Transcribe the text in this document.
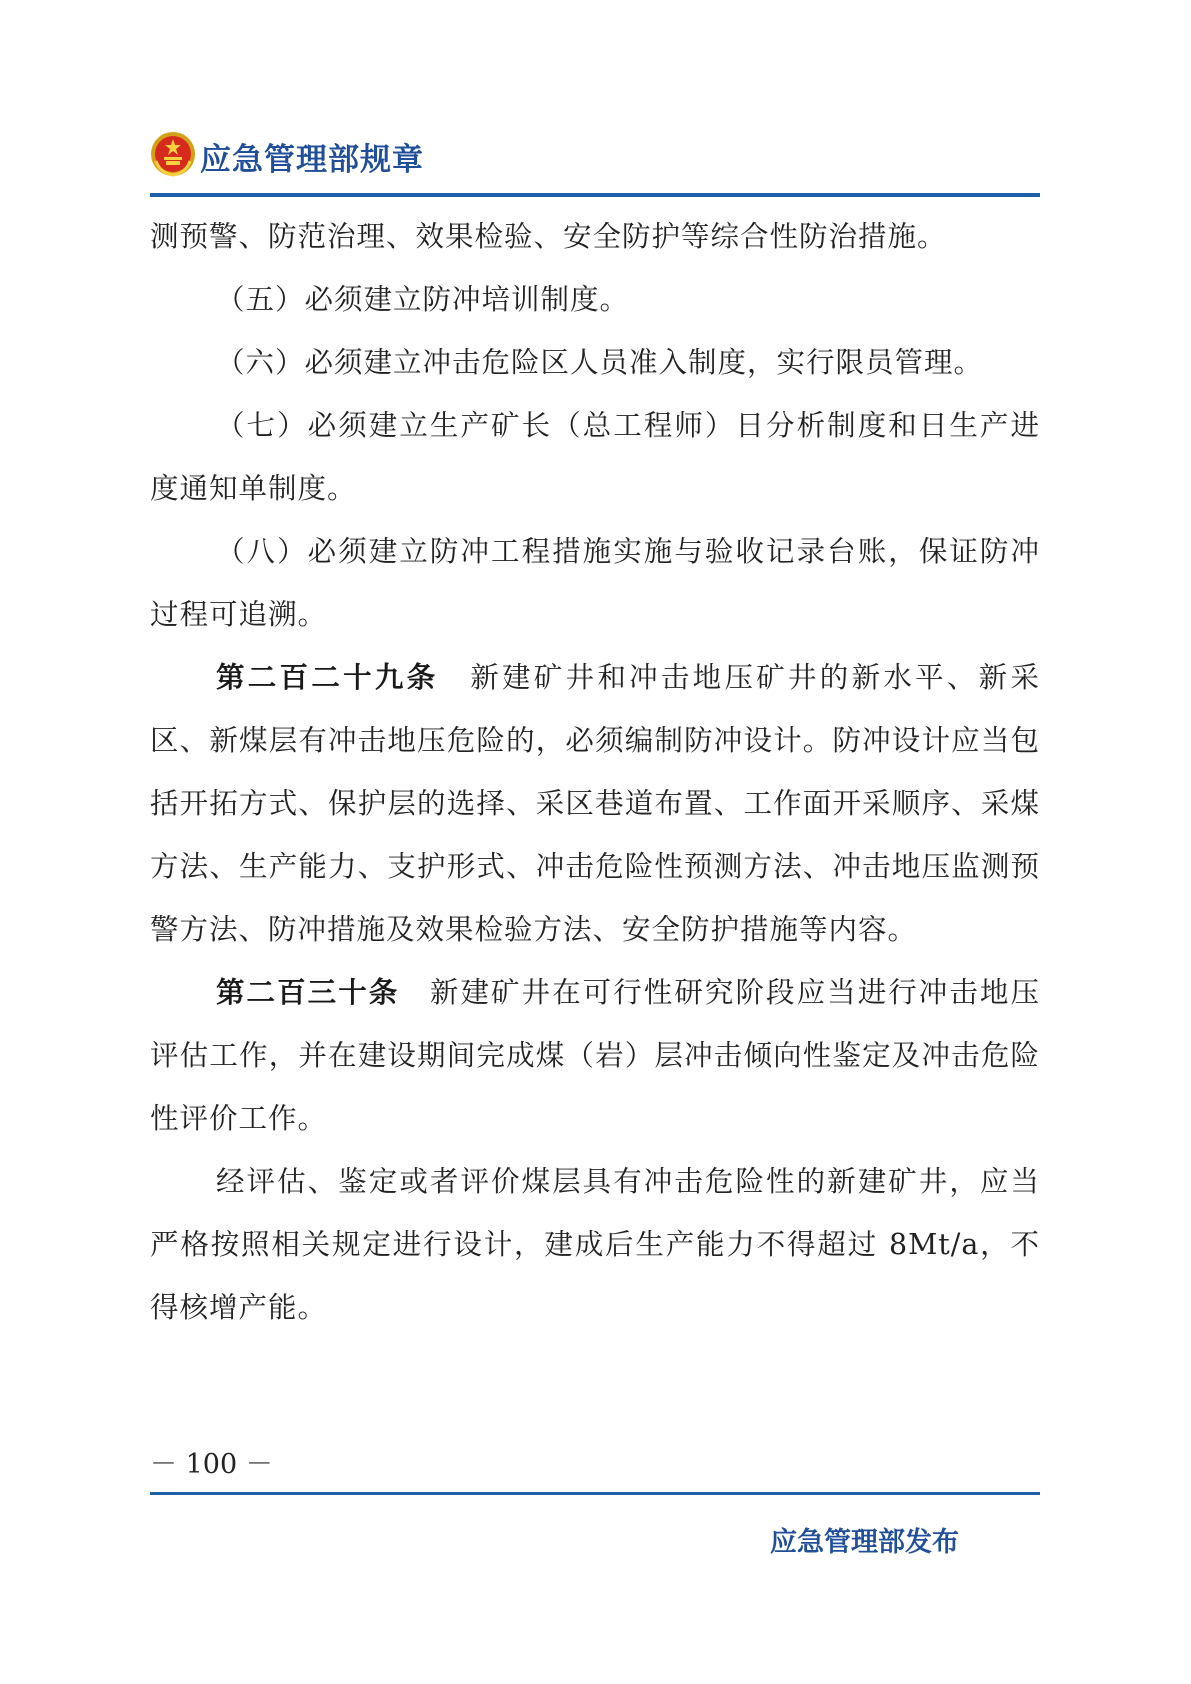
应急管理部规章

测预警、防范治理、效果检验、安全防护等综合性防治措施。

（五）必须建立防冲培训制度。

（六）必须建立冲击危险区人员准入制度，实行限员管理。

（七）必须建立生产矿长（总工程师）日分析制度和日生产进度通知单制度。

（八）必须建立防冲工程措施实施与验收记录台账，保证防冲过程可追溯。

第二百二十九条　 新建矿井和冲击地压矿井的新水平、新采区、新煤层有冲击地压危险的，必须编制防冲设计。防冲设计应当包括开拓方式、保护层的选择、采区巷道布置、工作面开采顺序、采煤方法、生产能力、支护形式、冲击危险性预测方法、冲击地压监测预警方法、防冲措施及效果检验方法、安全防护措施等内容。

第二百三十条　 新建矿井在可行性研究阶段应当进行冲击地压评估工作，并在建设期间完成煤（岩）层冲击倾向性鉴定及冲击危险性评价工作。

经评估、鉴定或者评价煤层具有冲击危险性的新建矿井，应当严格按照相关规定进行设计，建成后生产能力不得超过 8Mt/a，不得核增产能。

－ 100 －
应急管理部发布
